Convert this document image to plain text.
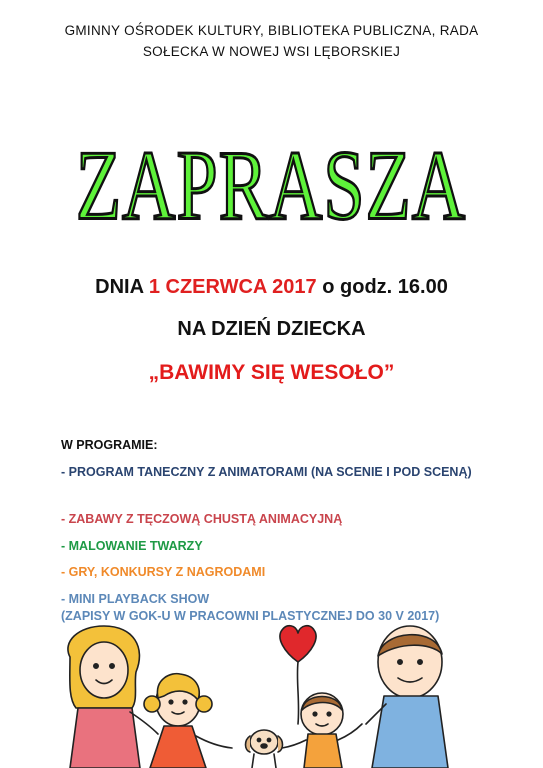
GMINNY OŚRODEK KULTURY, BIBLIOTEKA PUBLICZNA, RADA
SOŁECKA W NOWEJ WSI LĘBORSKIEJ
ZAPRASZA
DNIA 1 CZERWCA 2017 o godz. 16.00
NA DZIEŃ DZIECKA
„BAWIMY SIĘ WESOŁO”
W PROGRAMIE:
- PROGRAM TANECZNY Z ANIMATORAMI (NA SCENIE I POD SCENĄ)
- ZABAWY Z TĘCZOWĄ CHUSTĄ ANIMACYJNĄ
- MALOWANIE TWARZY
- GRY, KONKURSY Z NAGRODAMI
- MINI PLAYBACK SHOW
(ZAPISY W GOK-U W PRACOWNI PLASTYCZNEJ DO 30 V 2017)
